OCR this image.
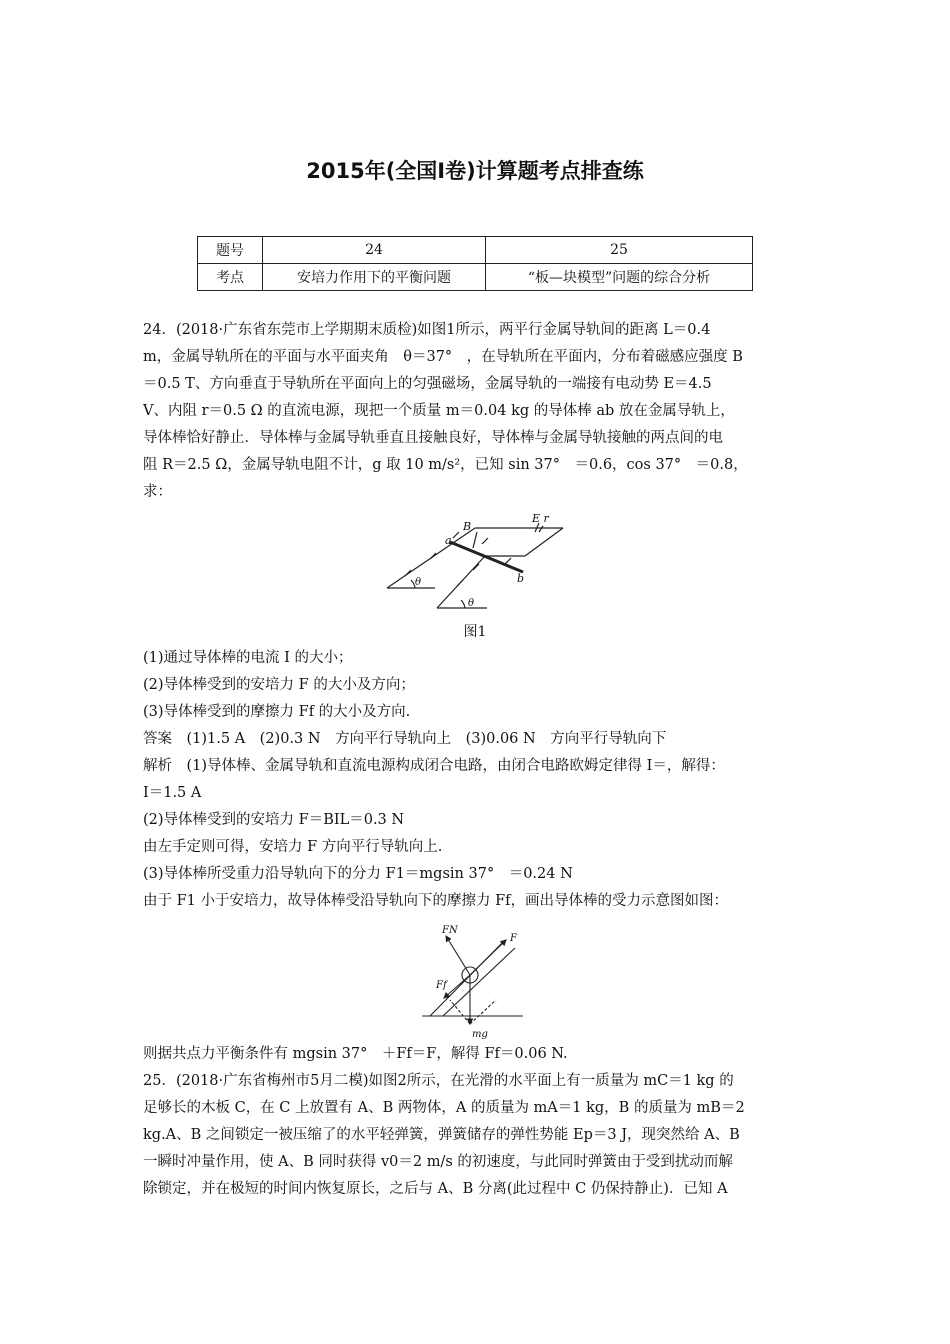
2015年(全国Ⅰ卷)计算题考点排查练
题号	24	25
考点	安培力作用下的平衡问题	“板—块模型”问题的综合分析
24．(2018·广东省东莞市上学期期末质检)如图1所示，两平行金属导轨间的距离 L＝0.4
m，金属导轨所在的平面与水平面夹角　θ＝37°　，在导轨所在平面内，分布着磁感应强度 B
＝0.5 T、方向垂直于导轨所在平面向上的匀强磁场，金属导轨的一端接有电动势 E＝4.5
V、内阻 r＝0.5 Ω 的直流电源，现把一个质量 m＝0.04 kg 的导体棒 ab 放在金属导轨上，
导体棒恰好静止．导体棒与金属导轨垂直且接触良好，导体棒与金属导轨接触的两点间的电
阻 R＝2.5 Ω，金属导轨电阻不计，g 取 10 m/s²，已知 sin 37°　＝0.6，cos 37°　＝0.8，
求：
B
E r
a
b
θ
θ
图1
(1)通过导体棒的电流 I 的大小；
(2)导体棒受到的安培力 F 的大小及方向；
(3)导体棒受到的摩擦力 Ff 的大小及方向.
答案　(1)1.5 A　(2)0.3 N　方向平行导轨向上　(3)0.06 N　方向平行导轨向下
解析　(1)导体棒、金属导轨和直流电源构成闭合电路，由闭合电路欧姆定律得 I＝，解得：
I＝1.5 A
(2)导体棒受到的安培力 F＝BIL＝0.3 N
由左手定则可得，安培力 F 方向平行导轨向上.
(3)导体棒所受重力沿导轨向下的分力 F1＝mgsin 37°　＝0.24 N
由于 F1 小于安培力，故导体棒受沿导轨向下的摩擦力 Ff，画出导体棒的受力示意图如图：
FN
F
Ff
mg
则据共点力平衡条件有 mgsin 37°　＋Ff＝F，解得 Ff＝0.06 N.
25．(2018·广东省梅州市5月二模)如图2所示，在光滑的水平面上有一质量为 mC＝1 kg 的
足够长的木板 C，在 C 上放置有 A、B 两物体，A 的质量为 mA＝1 kg，B 的质量为 mB＝2
kg.A、B 之间锁定一被压缩了的水平轻弹簧，弹簧储存的弹性势能 Ep＝3 J，现突然给 A、B
一瞬时冲量作用，使 A、B 同时获得 v0＝2 m/s 的初速度，与此同时弹簧由于受到扰动而解
除锁定，并在极短的时间内恢复原长，之后与 A、B 分离(此过程中 C 仍保持静止)．已知 A
